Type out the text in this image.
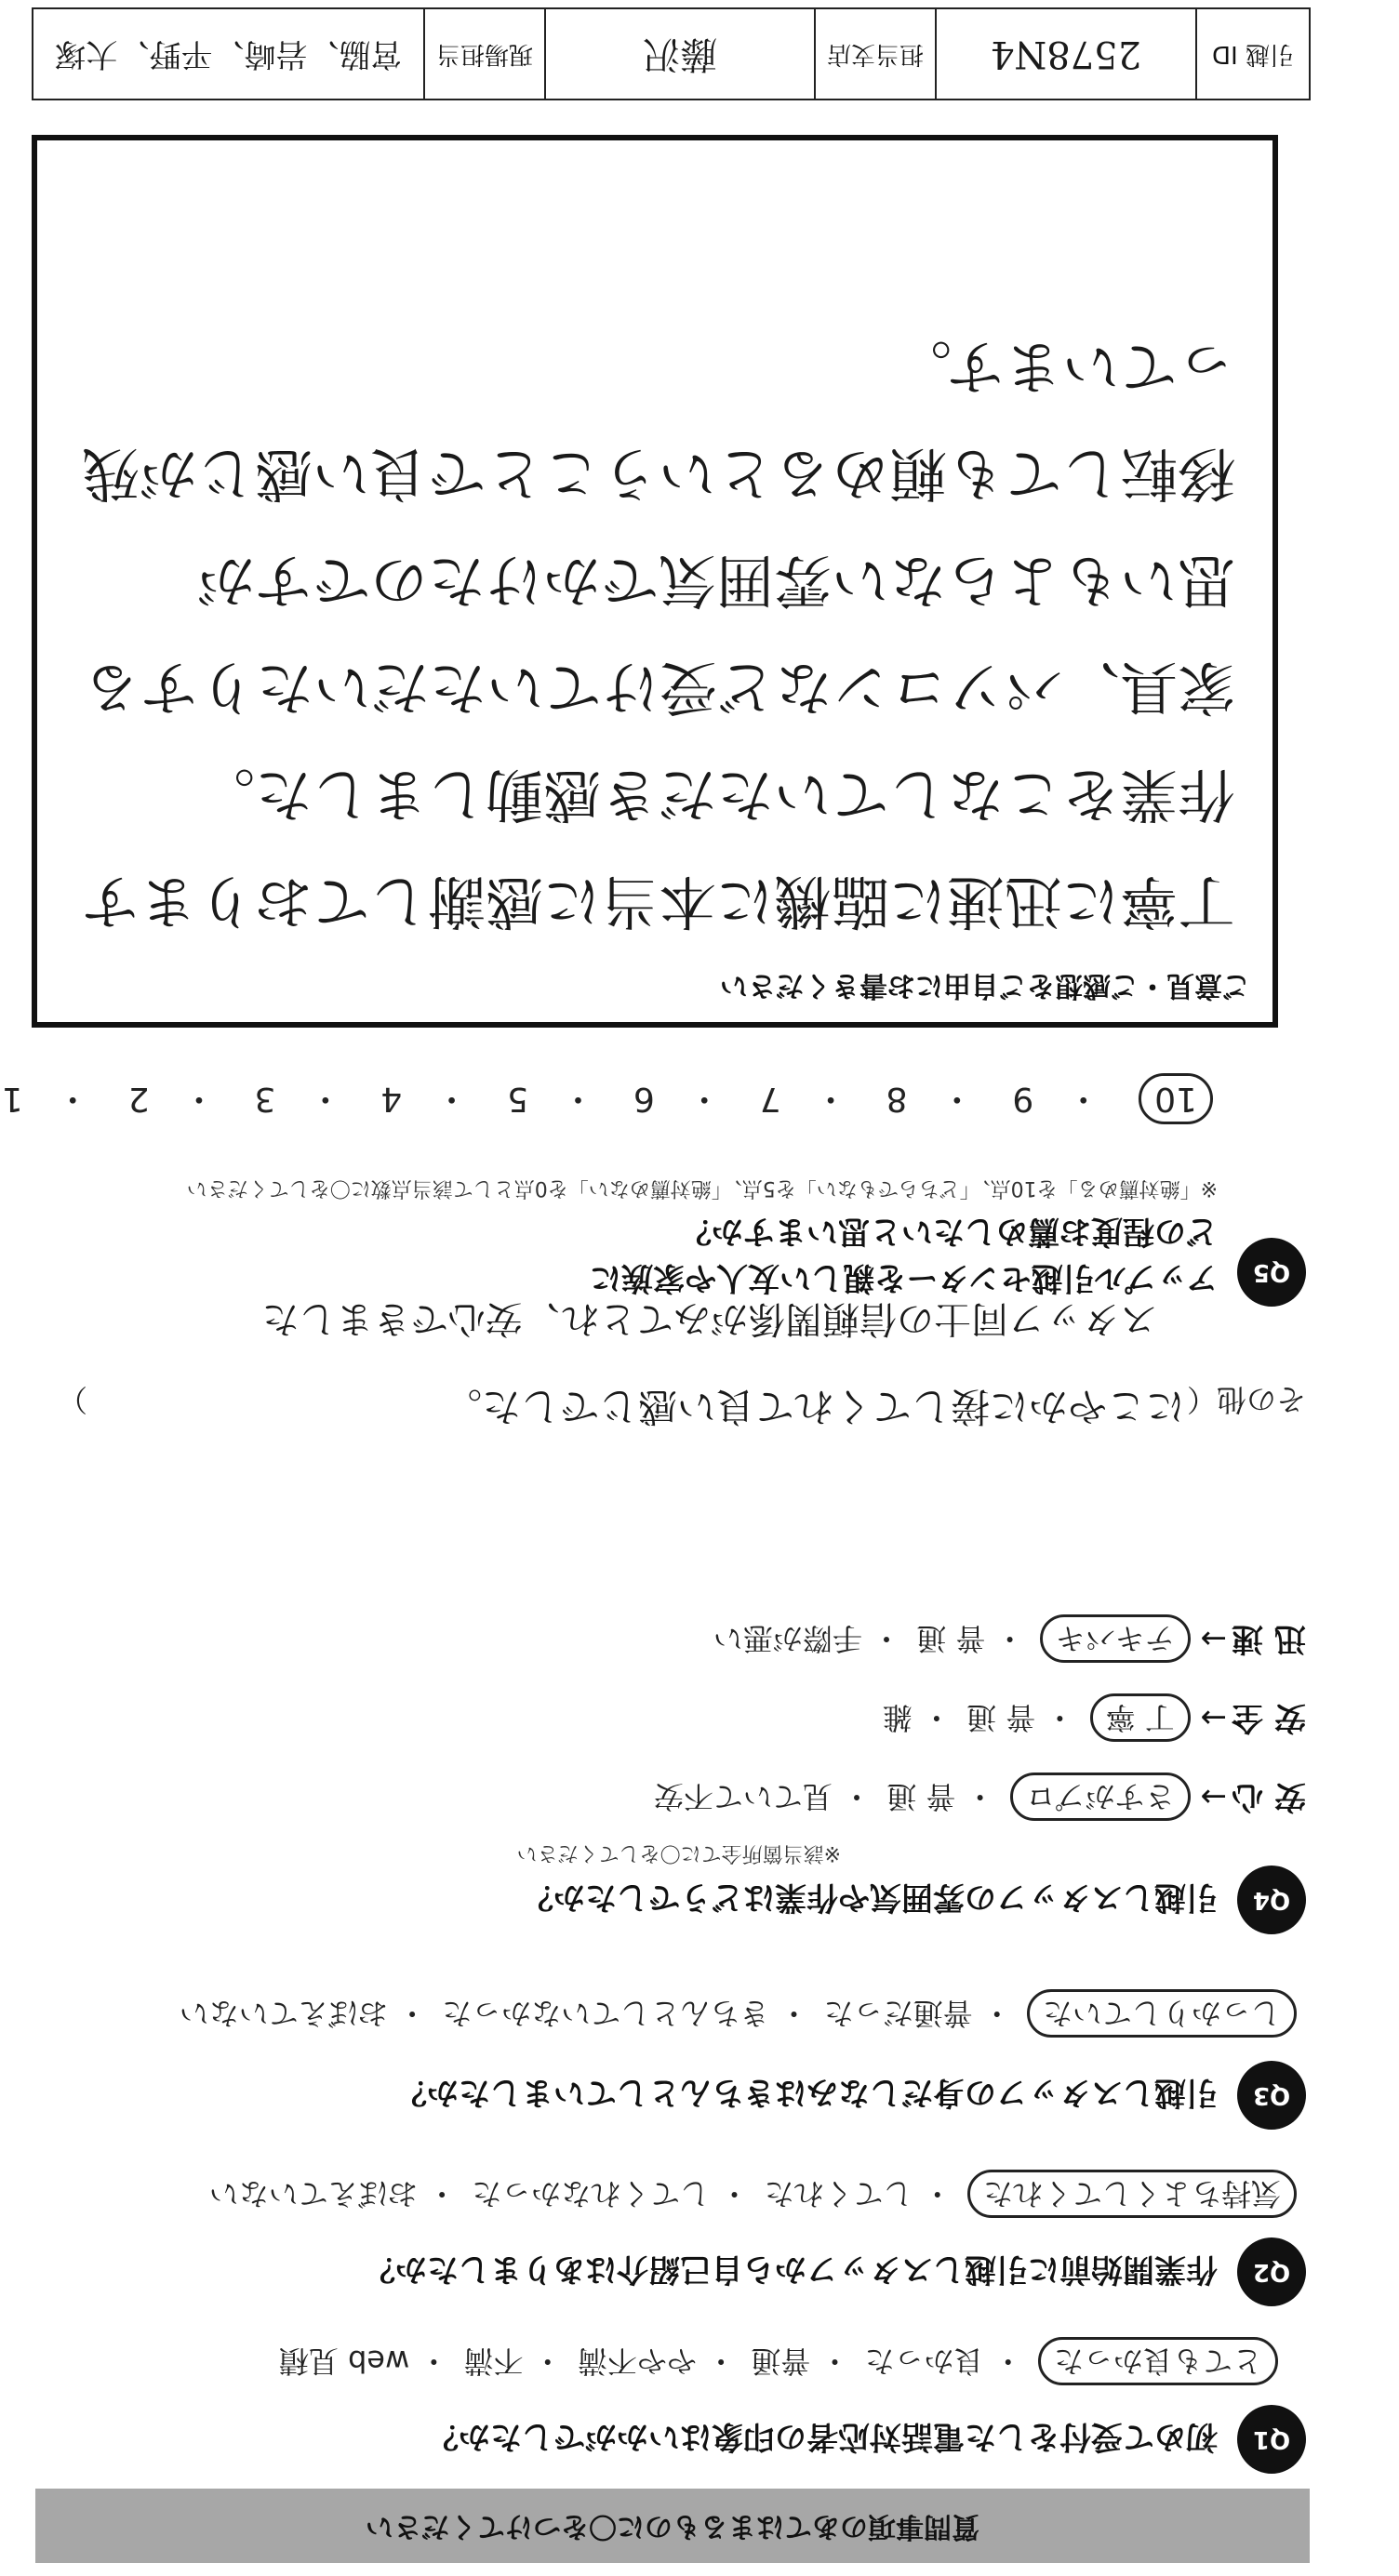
質問事項のあてはまるものに〇をつけてください
Q1
初めて受付をした電話対応者の印象はいかがでしたか？
とても良かった ・ 良かった ・ 普通 ・ やや不満 ・ 不満 ・ web 見積
Q2
作業開始前に引越しスタッフから自己紹介はありましたか？
気持ちよくしてくれた ・ してくれた ・ してくれなかった ・ おぼえていない
Q3
引越しスタッフの身だしなみはきちんとしていましたか？
しっかりしていた ・ 普通だった ・ きちんとしていなかった ・ おぼえていない
Q4
引越しスタッフの雰囲気や作業はどうでしたか？
※該当箇所全てに〇をしてください
安 心 → さすがプロ ・ 普 通 ・ 見ていて不安
安 全 → 丁 寧 ・ 普 通 ・ 雑
迅 速 → テキパキ ・ 普 通 ・ 手際が悪い
その他（
にこやかに接してくれて良い感じでした。
）
スタッフ同士の信頼関係がみてとれ、安心できました
Q5
アップル引越センターを親しい友人や家族に
どの程度お薦めしたいと思いますか？
※「絶対薦める」を10点、「どちらでもない」を5点、「絶対薦めない」を0点として該当点数に〇をしてください
10 ・ 9 ・ 8 ・ 7 ・ 6 ・ 5 ・ 4 ・ 3 ・ 2 ・ 1
ご意見・ご感想をご自由にお書きください
丁寧に迅速に臨機に本当に感謝しております
作業をこなしていただき感動しました。
家具、パソコンなど受けていただいたりする
思いもよらない雰囲気でかけたのですが
移転しても頼めるということで良い感じが残
っています。
引越 ID
2578N4
担当支店
藤沢
現場担当
宮脇、岩崎、平野、大塚
